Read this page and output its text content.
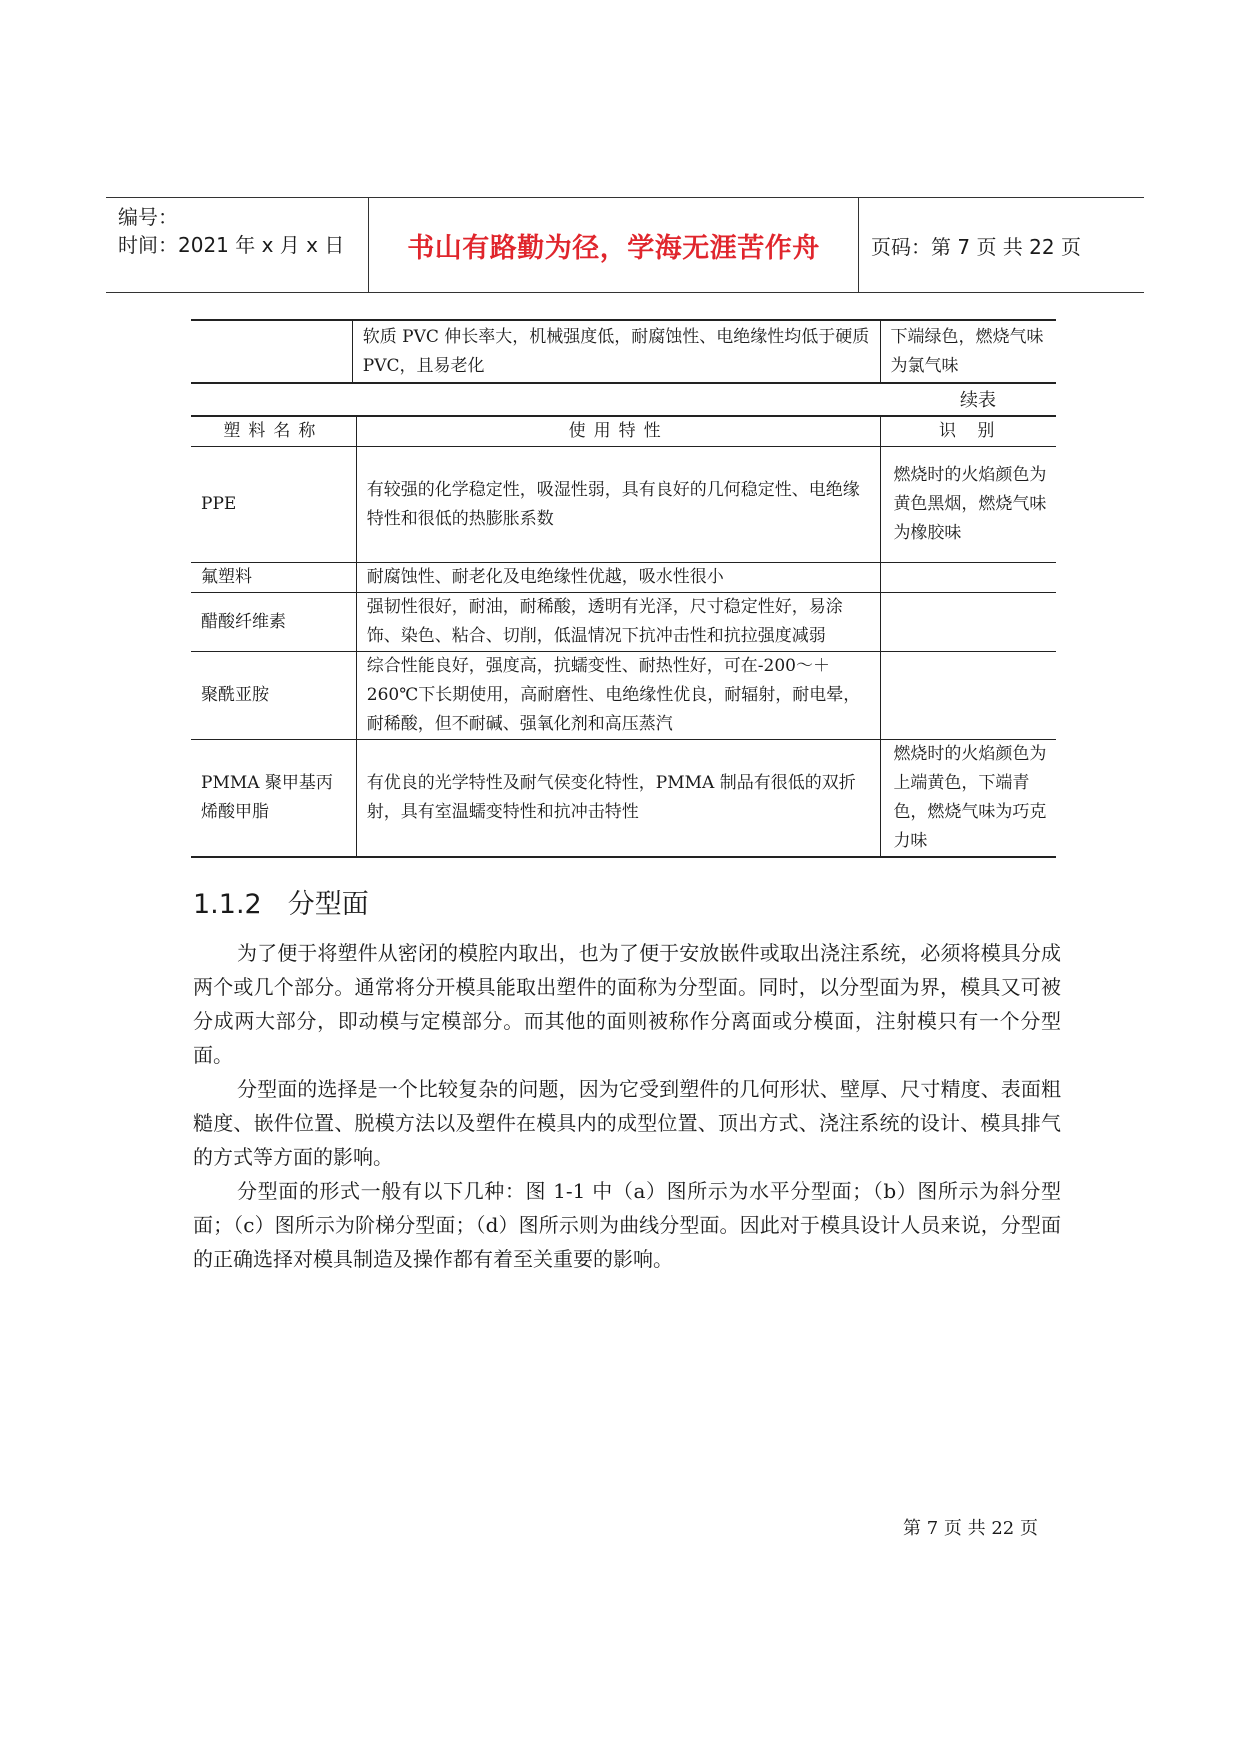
编号：
时间：2021 年 x 月 x 日	书山有路勤为径，学海无涯苦作舟	页码：第 7 页 共 22 页
	软质 PVC 伸长率大，机械强度低，耐腐蚀性、电绝缘性均低于硬质 PVC，且易老化	下端绿色，燃烧气味为氯气味
续表
塑料名称	使用特性	识 别
PPE	有较强的化学稳定性，吸湿性弱，具有良好的几何稳定性、电绝缘特性和很低的热膨胀系数	燃烧时的火焰颜色为黄色黑烟，燃烧气味为橡胶味
氟塑料	耐腐蚀性、耐老化及电绝缘性优越，吸水性很小	
醋酸纤维素	强韧性很好，耐油，耐稀酸，透明有光泽，尺寸稳定性好，易涂饰、染色、粘合、切削，低温情况下抗冲击性和抗拉强度减弱	
聚酰亚胺	综合性能良好，强度高，抗蠕变性、耐热性好，可在-200～＋260℃下长期使用，高耐磨性、电绝缘性优良，耐辐射，耐电晕，耐稀酸，但不耐碱、强氧化剂和高压蒸汽	
PMMA 聚甲基丙烯酸甲脂	有优良的光学特性及耐气侯变化特性，PMMA 制品有很低的双折射，具有室温蠕变特性和抗冲击特性	燃烧时的火焰颜色为上端黄色，下端青色，燃烧气味为巧克力味
1.1.2 分型面

为了便于将塑件从密闭的模腔内取出，也为了便于安放嵌件或取出浇注系统，必须将模具分成两个或几个部分。通常将分开模具能取出塑件的面称为分型面。同时，以分型面为界，模具又可被分成两大部分，即动模与定模部分。而其他的面则被称作分离面或分模面，注射模只有一个分型面。

分型面的选择是一个比较复杂的问题，因为它受到塑件的几何形状、壁厚、尺寸精度、表面粗糙度、嵌件位置、脱模方法以及塑件在模具内的成型位置、顶出方式、浇注系统的设计、模具排气的方式等方面的影响。

分型面的形式一般有以下几种：图 1-1 中（a）图所示为水平分型面；（b）图所示为斜分型面；（c）图所示为阶梯分型面；（d）图所示则为曲线分型面。因此对于模具设计人员来说，分型面的正确选择对模具制造及操作都有着至关重要的影响。

第 7 页 共 22 页
